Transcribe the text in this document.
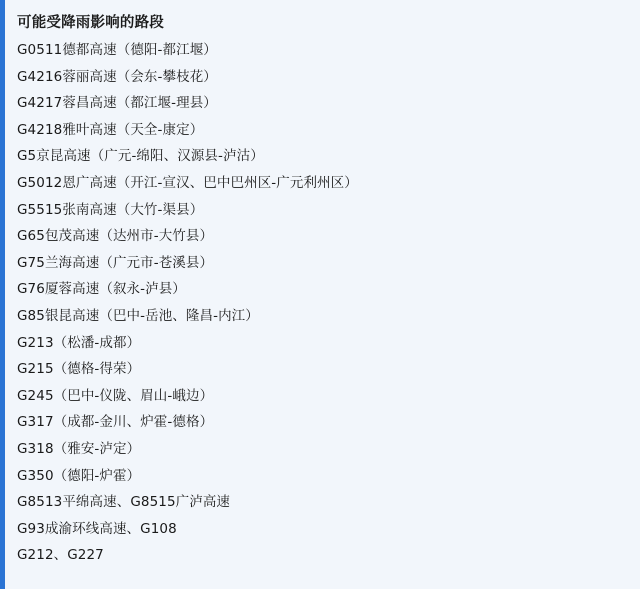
可能受降雨影响的路段
G0511德都高速（德阳-都江堰）
G4216蓉丽高速（会东-攀枝花）
G4217蓉昌高速（都江堰-理县）
G4218雅叶高速（天全-康定）
G5京昆高速（广元-绵阳、汉源县-泸沽）
G5012恩广高速（开江-宣汉、巴中巴州区-广元利州区）
G5515张南高速（大竹-渠县）
G65包茂高速（达州市-大竹县）
G75兰海高速（广元市-苍溪县）
G76厦蓉高速（叙永-泸县）
G85银昆高速（巴中-岳池、隆昌-内江）
G213（松潘-成都）
G215（德格-得荣）
G245（巴中-仪陇、眉山-峨边）
G317（成都-金川、炉霍-德格）
G318（雅安-泸定）
G350（德阳-炉霍）
G8513平绵高速、G8515广泸高速
G93成渝环线高速、G108
G212、G227
